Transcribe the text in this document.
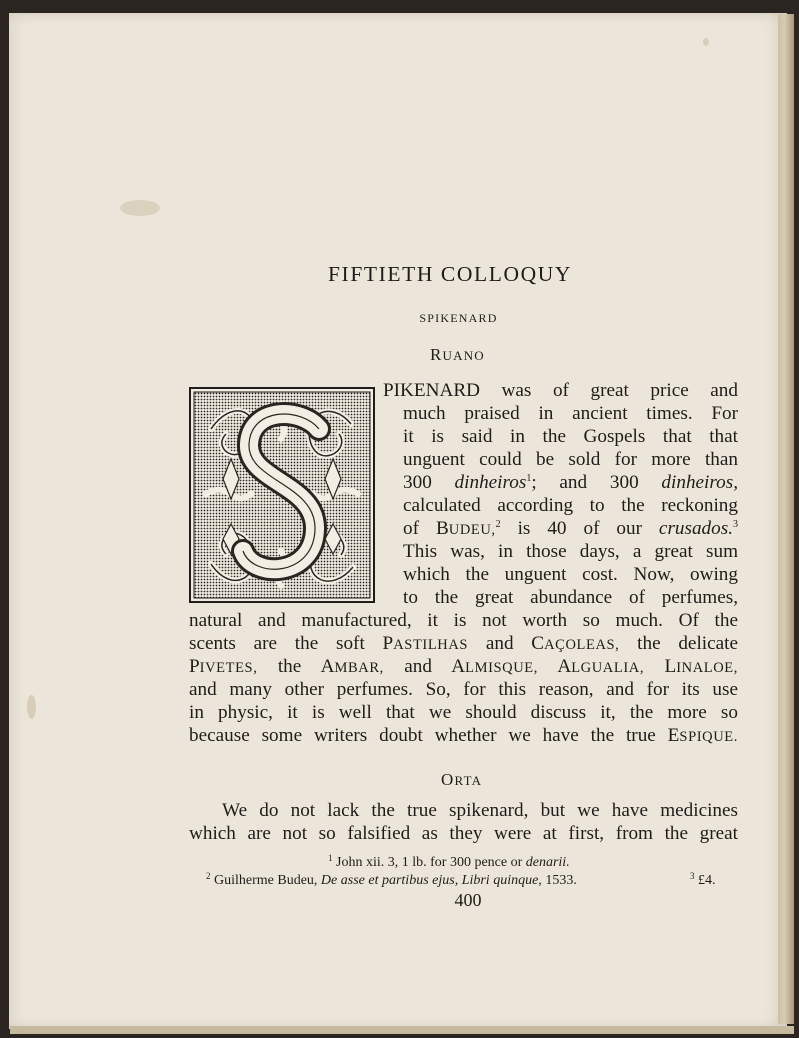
FIFTIETH COLLOQUY
SPIKENARD
RUANO
PIKENARD was of great price and
much praised in ancient times. For
it is said in the Gospels that that
unguent could be sold for more than
300 dinheiros$^1$; and 300 dinheiros,
calculated according to the reckoning
of BUDEU,$^2$ is 40 of our crusados.$^3$
This was, in those days, a great sum
which the unguent cost. Now, owing
to the great abundance of perfumes,
natural and manufactured, it is not worth so much. Of the
scents are the soft PASTILHAS and CAÇOLEAS, the delicate
PIVETES, the AMBAR, and ALMISQUE, ALGUALIA, LINALOE,
and many other perfumes. So, for this reason, and for its use
in physic, it is well that we should discuss it, the more so
because some writers doubt whether we have the true ESPIQUE.
ORTA
We do not lack the true spikenard, but we have medicines
which are not so falsified as they were at first, from the great
$^1$ John xii. 3, 1 lb. for 300 pence or denarii.
$^2$ Guilherme Budeu, De asse et partibus ejus, Libri quinque, 1533.	$^3$ £4.
400
